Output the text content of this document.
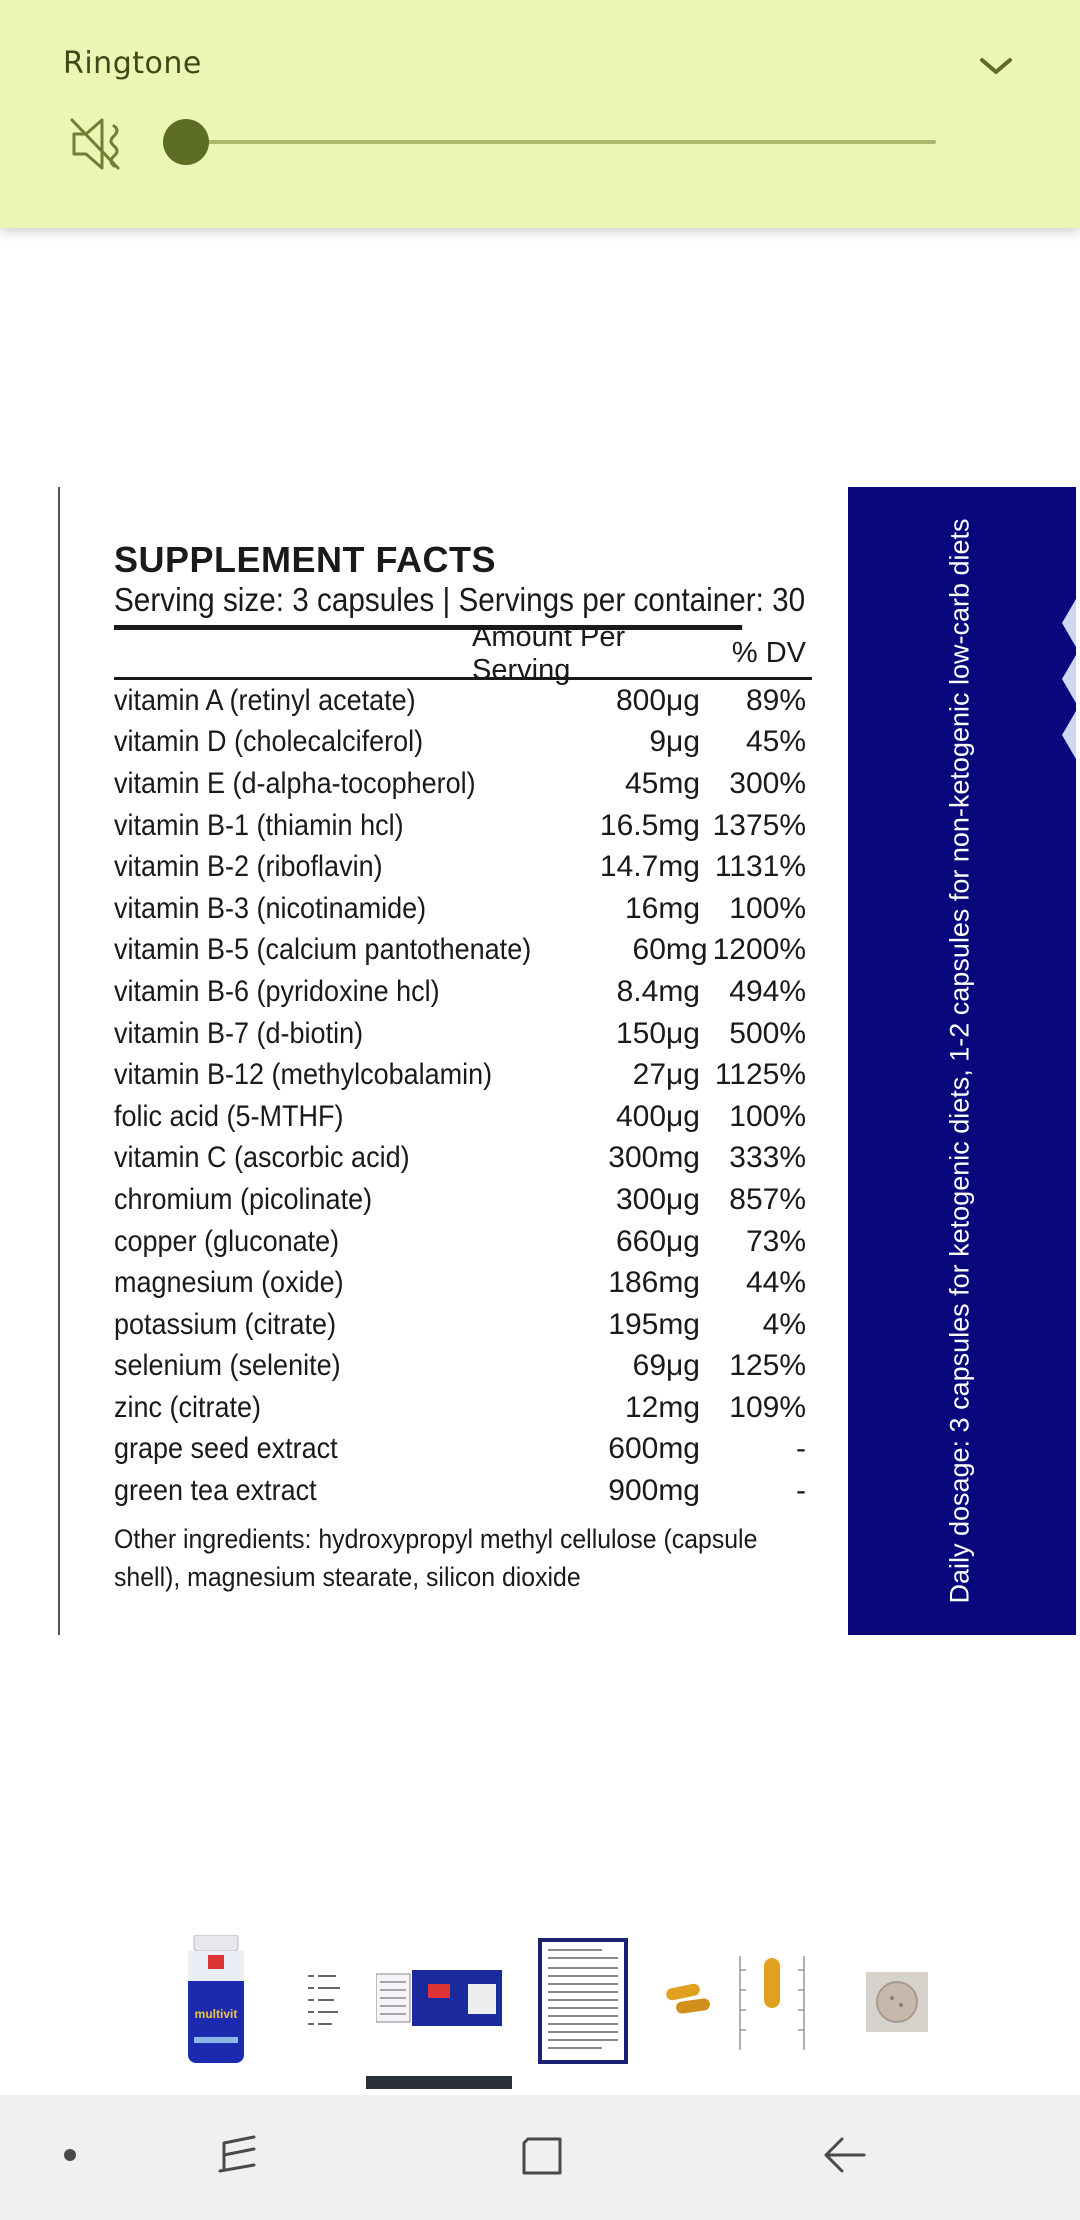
Ringtone
SUPPLEMENT FACTS
Serving size: 3 capsules | Servings per container: 30
Amount Per Serving
% DV
vitamin A (retinyl acetate)	800μg	89%
vitamin D (cholecalciferol)	9μg	45%
vitamin E (d-alpha-tocopherol)	45mg 300%
vitamin B-1 (thiamin hcl)	16.5mg 1375%
vitamin B-2 (riboflavin)	14.7mg 1131%
vitamin B-3 (nicotinamide)	16mg 100%
vitamin B-5 (calcium pantothenate)	60mg 1200%
vitamin B-6 (pyridoxine hcl)	8.4mg 494%
vitamin B-7 (d-biotin)	150μg 500%
vitamin B-12 (methylcobalamin)	27μg 1125%
folic acid (5-MTHF)	400μg 100%
vitamin C (ascorbic acid)	300mg 333%
chromium (picolinate)	300μg 857%
copper (gluconate)	660μg	73%
magnesium (oxide)	186mg	44%
potassium (citrate)	195mg	4%
selenium (selenite)	69μg 125%
zinc (citrate)	12mg 109%
grape seed extract	600mg	-
green tea extract	900mg	-
Other ingredients: hydroxypropyl methyl cellulose (capsule shell), magnesium stearate, silicon dioxide	Daily dosage: 3 capsules for ketogenic diets, 1-2 capsules for non-ketogenic low-carb diets
multivit
